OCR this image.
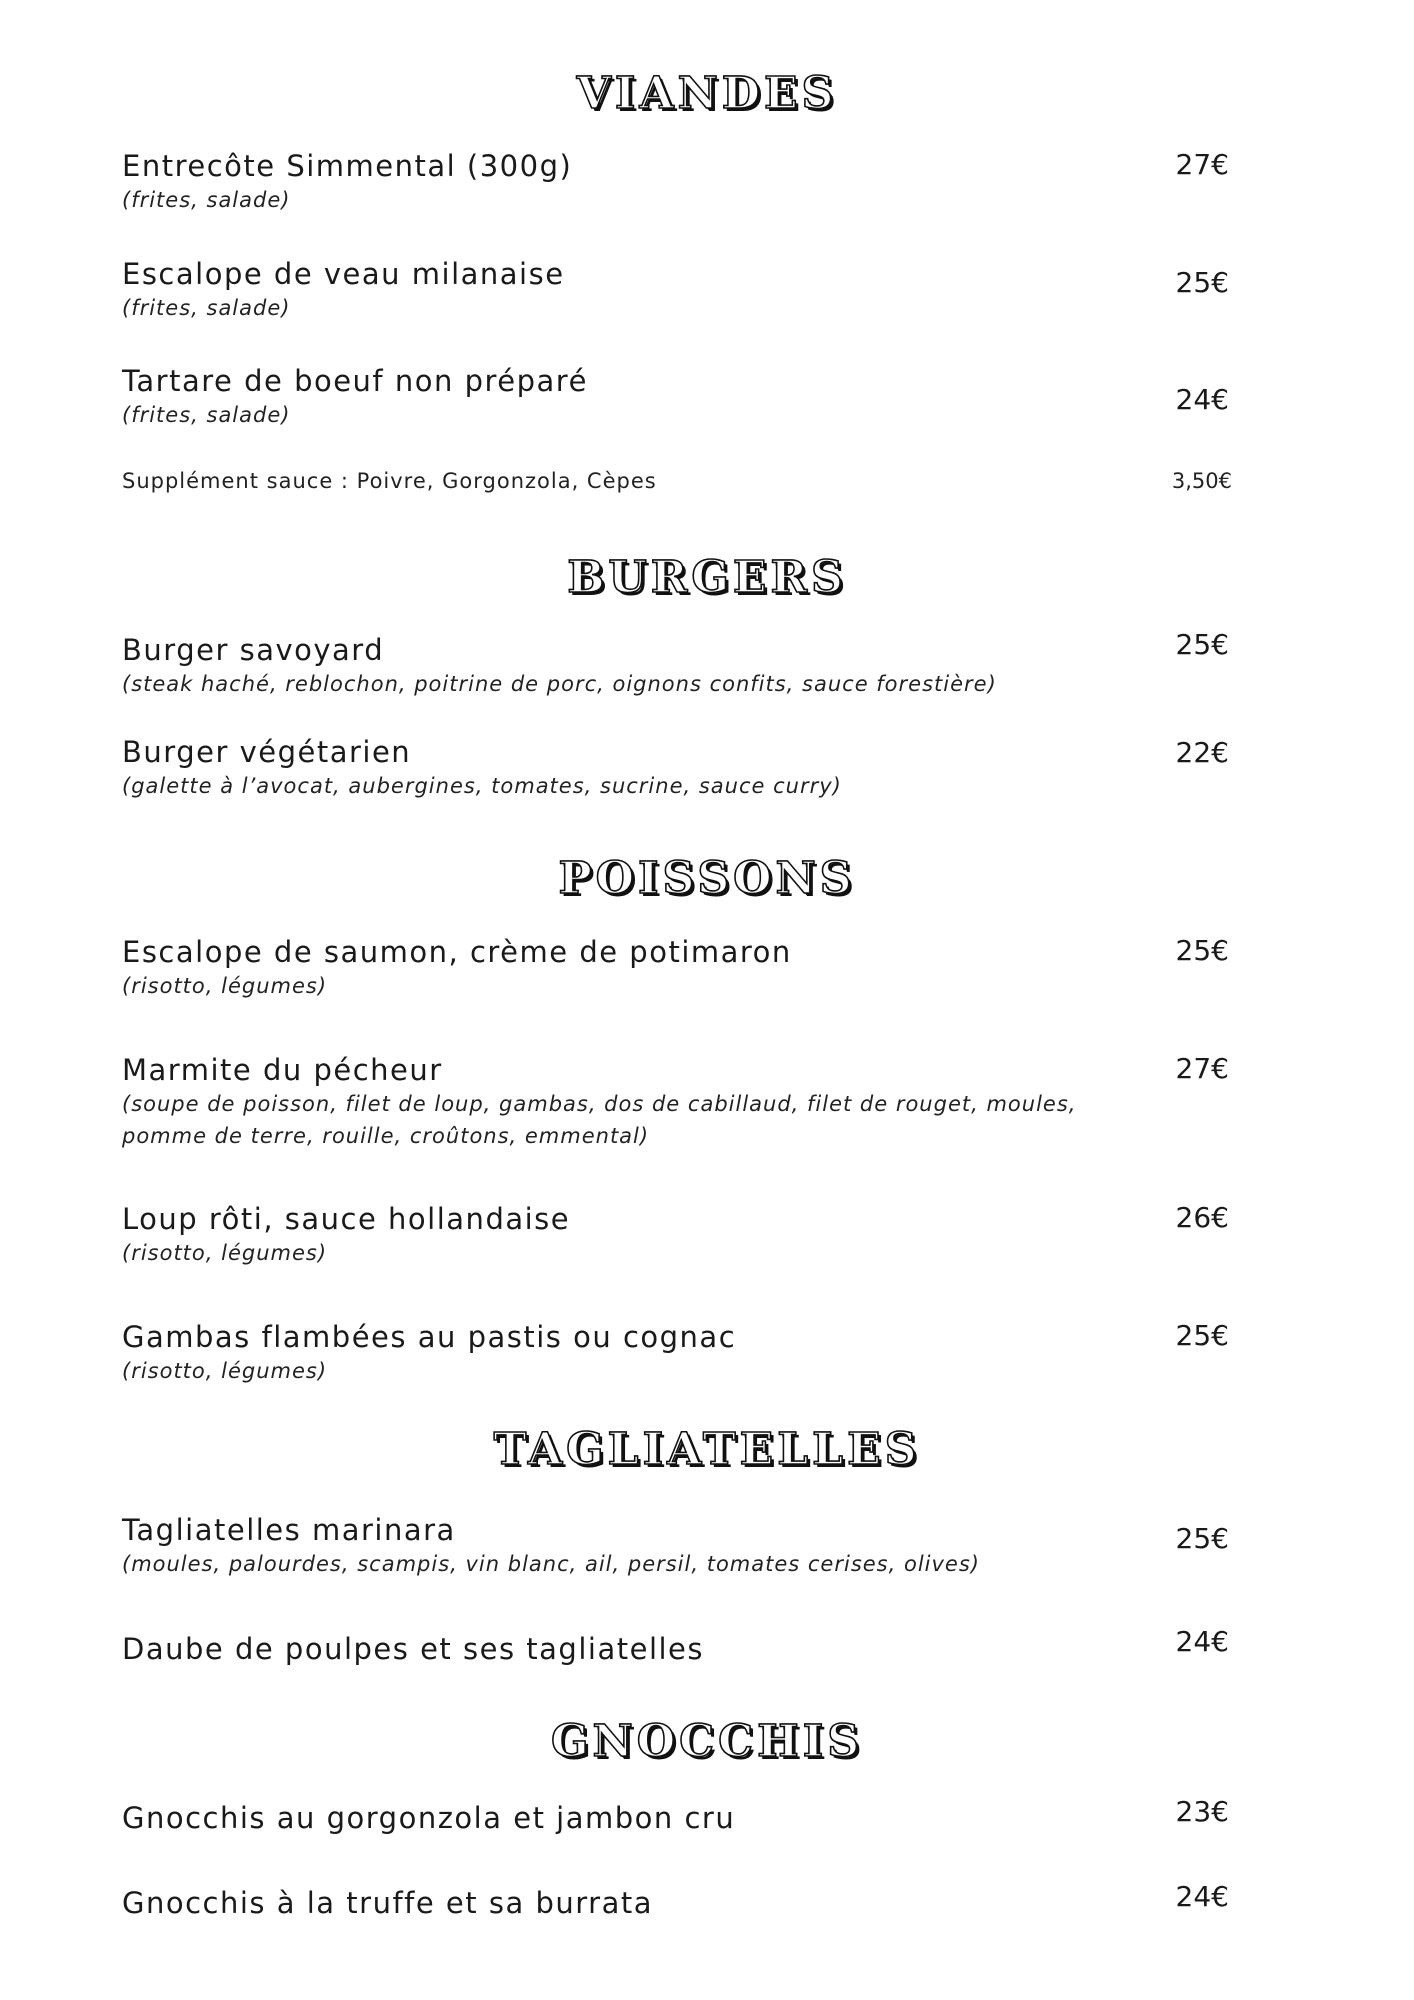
VIANDES
Entrecôte Simmental (300g)
(frites, salade)
27€
Escalope de veau milanaise
(frites, salade)
25€
Tartare de boeuf non préparé
(frites, salade)	24€
Supplément sauce : Poivre, Gorgonzola, Cèpes	3,50€
BURGERS
Burger savoyard
(steak haché, reblochon, poitrine de porc, oignons confits, sauce forestière)
25€
Burger végétarien
(galette à l’avocat, aubergines, tomates, sucrine, sauce curry)
22€
POISSONS
Escalope de saumon, crème de potimaron
(risotto, légumes)
25€
Marmite du pécheur
(soupe de poisson, filet de loup, gambas, dos de cabillaud, filet de rouget, moules,
pomme de terre, rouille, croûtons, emmental)
27€
Loup rôti, sauce hollandaise
(risotto, légumes)
26€
Gambas flambées au pastis ou cognac
(risotto, légumes)
25€
TAGLIATELLES
Tagliatelles marinara
(moules, palourdes, scampis, vin blanc, ail, persil, tomates cerises, olives)
25€
Daube de poulpes et ses tagliatelles	24€
GNOCCHIS
Gnocchis au gorgonzola et jambon cru	23€
Gnocchis à la truffe et sa burrata	24€
